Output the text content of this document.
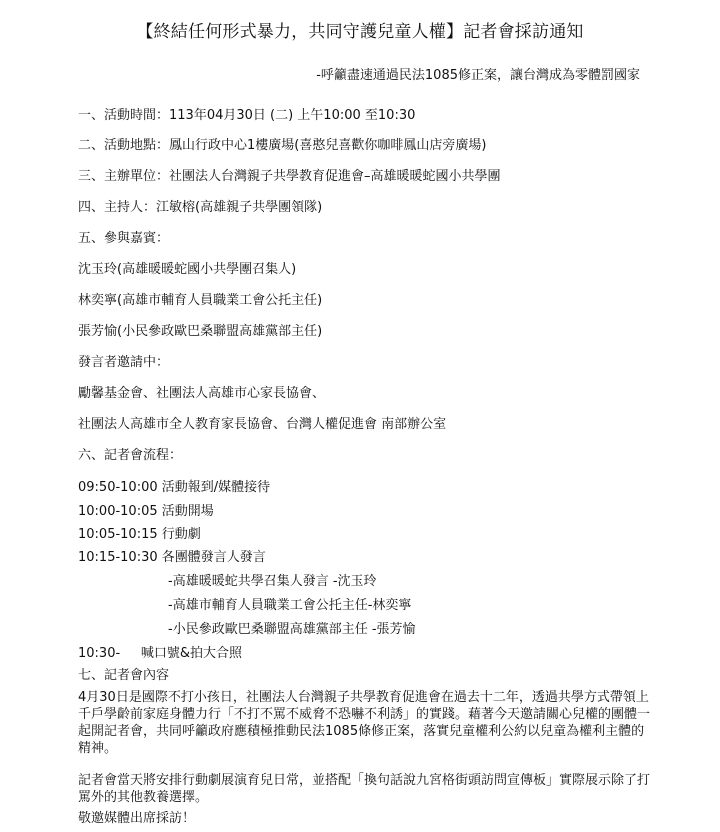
【終結任何形式暴力，共同守護兒童人權】記者會採訪通知
-呼籲盡速通過民法1085修正案，讓台灣成為零體罰國家
一、活動時間：113年04月30日 (二) 上午10:00 至10:30
二、活動地點：鳳山行政中心1樓廣場(喜憨兒喜歡你咖啡鳳山店旁廣場)
三、主辦單位：社團法人台灣親子共學教育促進會–高雄暖暖蛇國小共學團
四、主持人：江敏榕(高雄親子共學團領隊)
五、參與嘉賓：
沈玉玲(高雄暖暖蛇國小共學團召集人)
林奕寧(高雄市輔育人員職業工會公托主任)
張芳愉(小民參政歐巴桑聯盟高雄黨部主任)
發言者邀請中：
勵馨基金會、社團法人高雄市心家長協會、
社團法人高雄市全人教育家長協會、台灣人權促進會 南部辦公室
六、記者會流程：
09:50-10:00 活動報到/媒體接待
10:00-10:05 活動開場
10:05-10:15 行動劇
10:15-10:30 各團體發言人發言
-高雄暖暖蛇共學召集人發言 -沈玉玲
-高雄市輔育人員職業工會公托主任-林奕寧
-小民參政歐巴桑聯盟高雄黨部主任 -張芳愉
10:30-     喊口號&拍大合照
七、記者會內容
4月30日是國際不打小孩日，社團法人台灣親子共學教育促進會在過去十二年，透過共學方式帶領上千戶學齡前家庭身體力行「不打不罵不威脅不恐嚇不利誘」的實踐。藉著今天邀請關心兒權的團體一起開記者會，共同呼籲政府應積極推動民法1085條修正案，落實兒童權利公約以兒童為權利主體的精神。
記者會當天將安排行動劇展演育兒日常，並搭配「換句話說九宮格街頭訪問宣傳板」實際展示除了打罵外的其他教養選擇。
敬邀媒體出席採訪！
